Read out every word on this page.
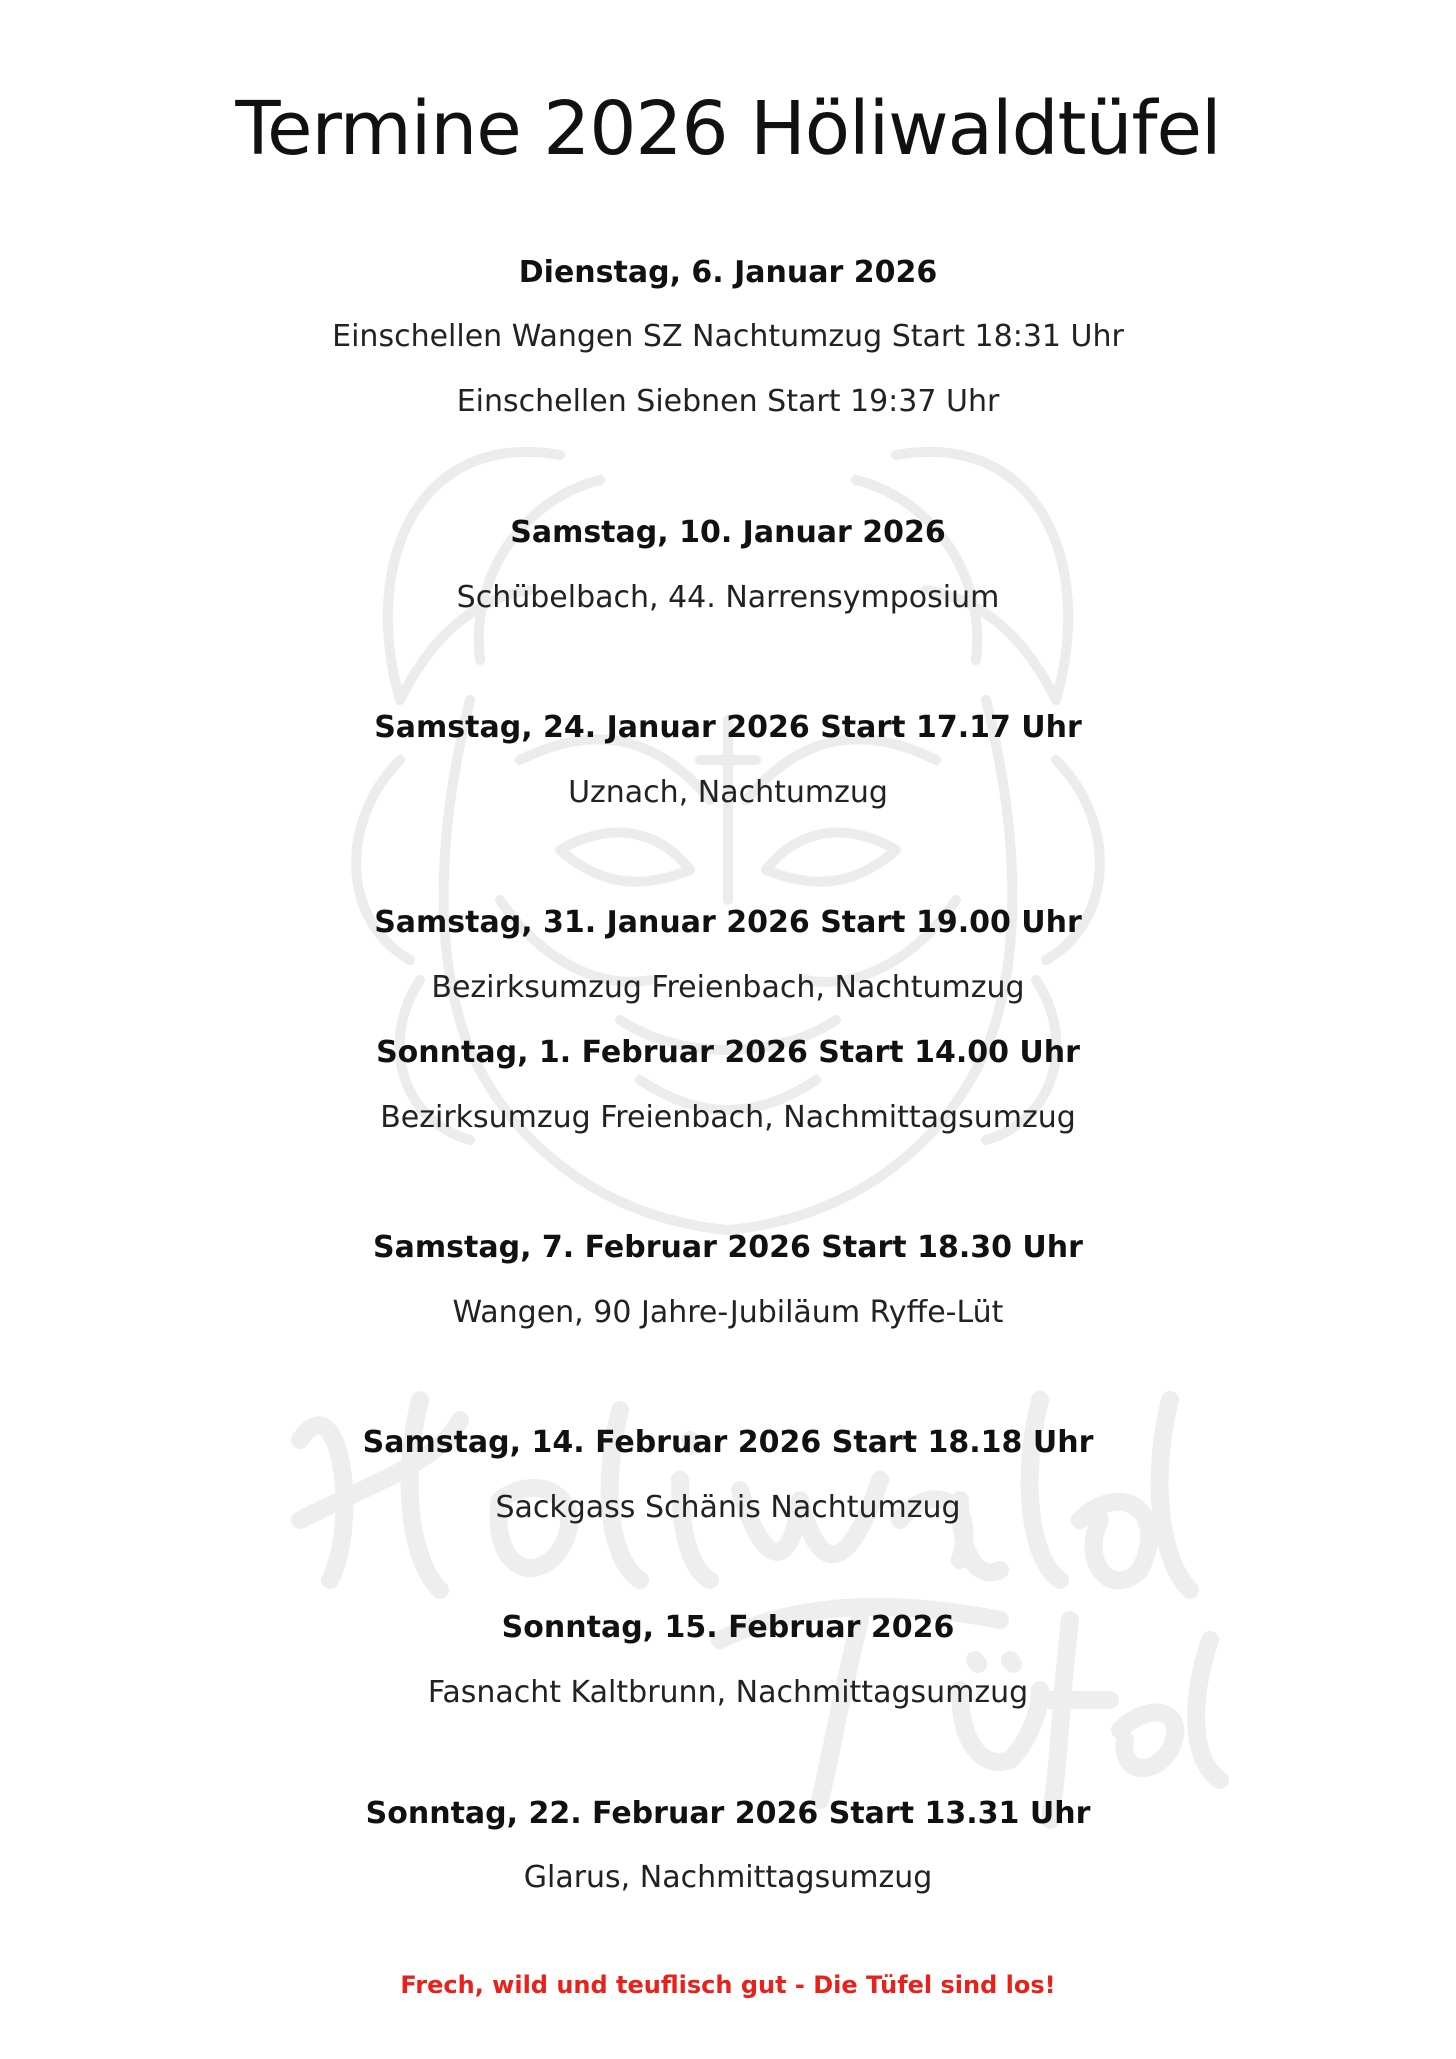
Termine 2026 Höliwaldtüfel

Dienstag, 6. Januar 2026

Einschellen Wangen SZ Nachtumzug Start 18:31 Uhr

Einschellen Siebnen Start 19:37 Uhr

Samstag, 10. Januar 2026

Schübelbach, 44. Narrensymposium

Samstag, 24. Januar 2026 Start 17.17 Uhr

Uznach, Nachtumzug

Samstag, 31. Januar 2026 Start 19.00 Uhr

Bezirksumzug Freienbach, Nachtumzug

Sonntag, 1. Februar 2026 Start 14.00 Uhr

Bezirksumzug Freienbach, Nachmittagsumzug

Samstag, 7. Februar 2026 Start 18.30 Uhr

Wangen, 90 Jahre-Jubiläum Ryffe-Lüt

Samstag, 14. Februar 2026 Start 18.18 Uhr

Sackgass Schänis Nachtumzug

Sonntag, 15. Februar 2026

Fasnacht Kaltbrunn, Nachmittagsumzug

Sonntag, 22. Februar 2026 Start 13.31 Uhr

Glarus, Nachmittagsumzug

Frech, wild und teuflisch gut - Die Tüfel sind los!
